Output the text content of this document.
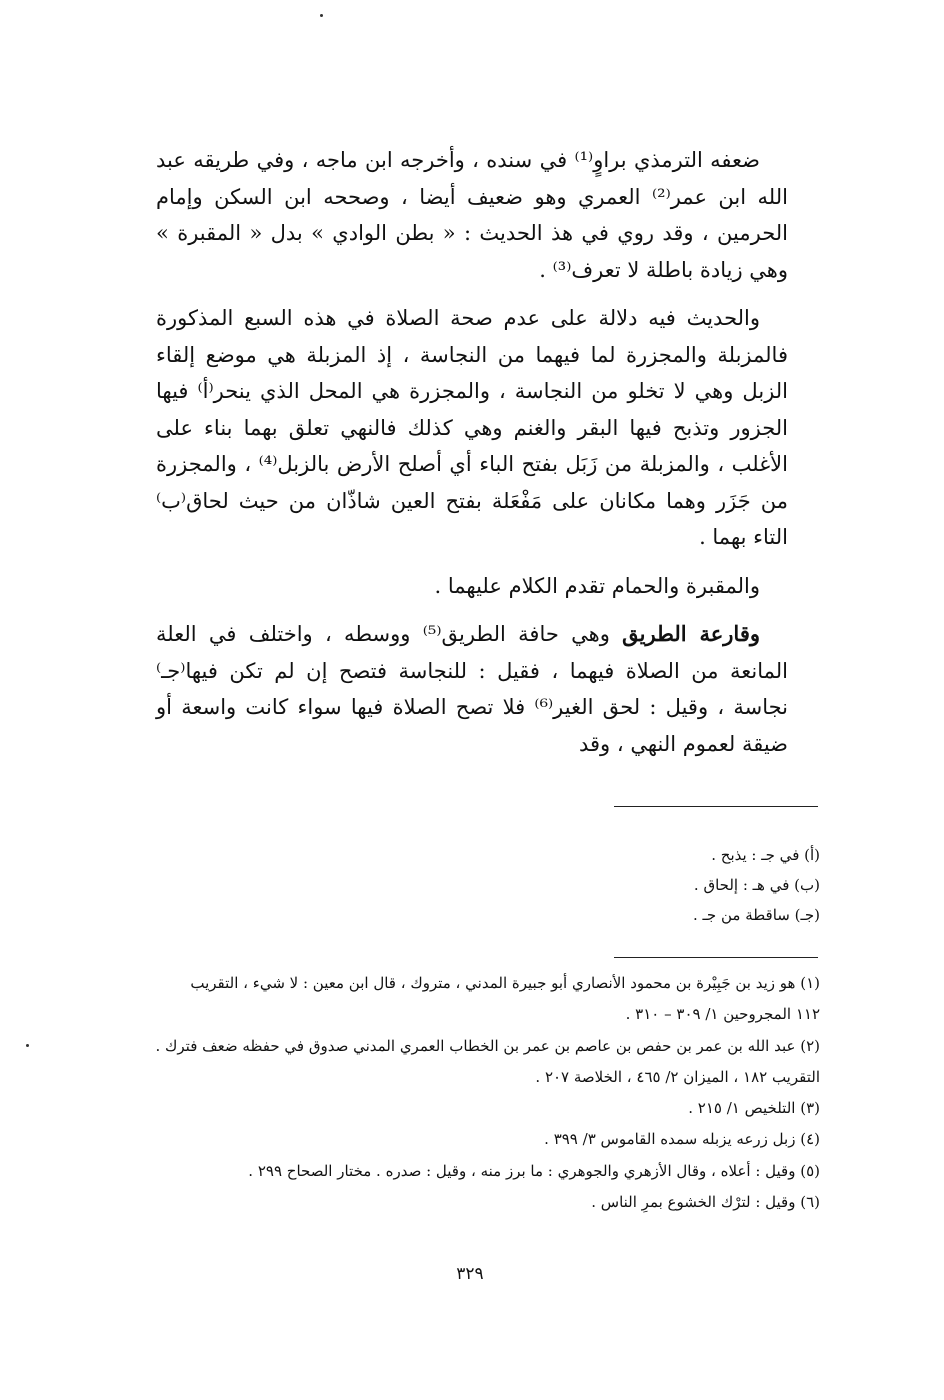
ضعفه الترمذي براوٍ⁽¹⁾ في سنده ، وأخرجه ابن ماجه ، وفي طريقه عبد الله ابن عمر⁽²⁾ العمري وهو ضعيف أيضا ، وصححه ابن السكن وإمام الحرمين ، وقد روي في هذ الحديث : « بطن الوادي » بدل « المقبرة » وهي زيادة باطلة لا تعرف⁽³⁾ .

والحديث فيه دلالة على عدم صحة الصلاة في هذه السبع المذكورة فالمزبلة والمجزرة لما فيهما من النجاسة ، إذ المزبلة هي موضع إلقاء الزبل وهي لا تخلو من النجاسة ، والمجزرة هي المحل الذي ينحر⁽أ⁾ فيها الجزور وتذبح فيها البقر والغنم وهي كذلك فالنهي تعلق بهما بناء على الأغلب ، والمزبلة من زَبَل بفتح الباء أي أصلح الأرض بالزبل⁽⁴⁾ ، والمجزرة من جَزَر وهما مكانان على مَفْعَلة بفتح العين شاذّان من حيث لحاق⁽ب⁾ التاء بهما .

والمقبرة والحمام تقدم الكلام عليهما .

وقارعة الطريق وهي حافة الطريق⁽⁵⁾ ووسطه ، واختلف في العلة المانعة من الصلاة فيهما ، فقيل : للنجاسة فتصح إن لم تكن فيها⁽جـ⁾ نجاسة ، وقيل : لحق الغير⁽⁶⁾ فلا تصح الصلاة فيها سواء كانت واسعة أو ضيقة لعموم النهي ، وقد

(أ) في جـ : يذبح .
(ب) في هـ : إلحاق .
(جـ) ساقطة من جـ .
(١) هو زيد بن جَبِيْرة بن محمود الأنصاري أبو جبيرة المدني ، متروك ، قال ابن معين : لا شيء ، التقريب
١١٢ المجروحين ١/ ٣٠٩ – ٣١٠ .
(٢) عبد الله بن عمر بن حفص بن عاصم بن عمر بن الخطاب العمري المدني صدوق في حفظه ضعف فترك .
التقريب ١٨٢ ، الميزان ٢/ ٤٦٥ ، الخلاصة ٢٠٧ .
(٣) التلخيص ١/ ٢١٥ .
(٤) زبل زرعه يزبله سمده القاموس ٣/ ٣٩٩ .
(٥) وقيل : أعلاه ، وقال الأزهري والجوهري : ما برز منه ، وقيل : صدره . مختار الصحاح ٢٩٩ .
(٦) وقيل : لترْك الخشوع بمرِ الناس .
٣٢٩
